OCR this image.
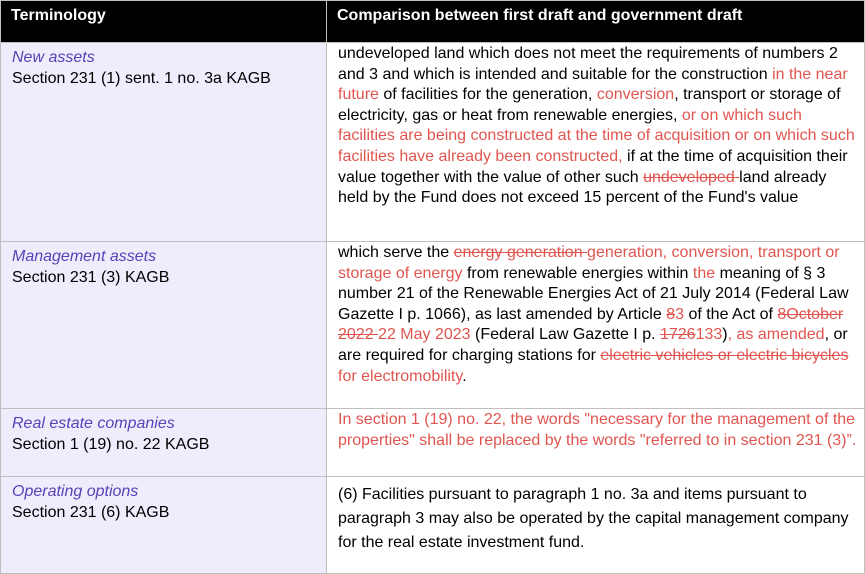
Terminology	Comparison between first draft and government draft

New assets
Section 231 (1) sent. 1 no. 3a KAGB	undeveloped land which does not meet the requirements of numbers 2 and 3 and which is intended and suitable for the construction in the near future of facilities for the generation, conversion, transport or storage of electricity, gas or heat from renewable energies, or on which such facilities are being constructed at the time of acquisition or on which such facilities have already been constructed, if at the time of acquisition their value together with the value of other such undeveloped land already held by the Fund does not exceed 15 percent of the Fund's value

Management assets
Section 231 (3) KAGB	which serve the energy generation generation, conversion, transport or storage of energy from renewable energies within the meaning of § 3 number 21 of the Renewable Energies Act of 21 July 2014 (Federal Law Gazette I p. 1066), as last amended by Article 83 of the Act of 8October 2022 22 May 2023 (Federal Law Gazette I p. 1726133), as amended, or are required for charging stations for electric vehicles or electric bicycles for electromobility.

Real estate companies
Section 1 (19) no. 22 KAGB	In section 1 (19) no. 22, the words "necessary for the management of the properties" shall be replaced by the words "referred to in section 231 (3)”.

Operating options
Section 231 (6) KAGB	(6) Facilities pursuant to paragraph 1 no. 3a and items pursuant to paragraph 3 may also be operated by the capital management company for the real estate investment fund.
